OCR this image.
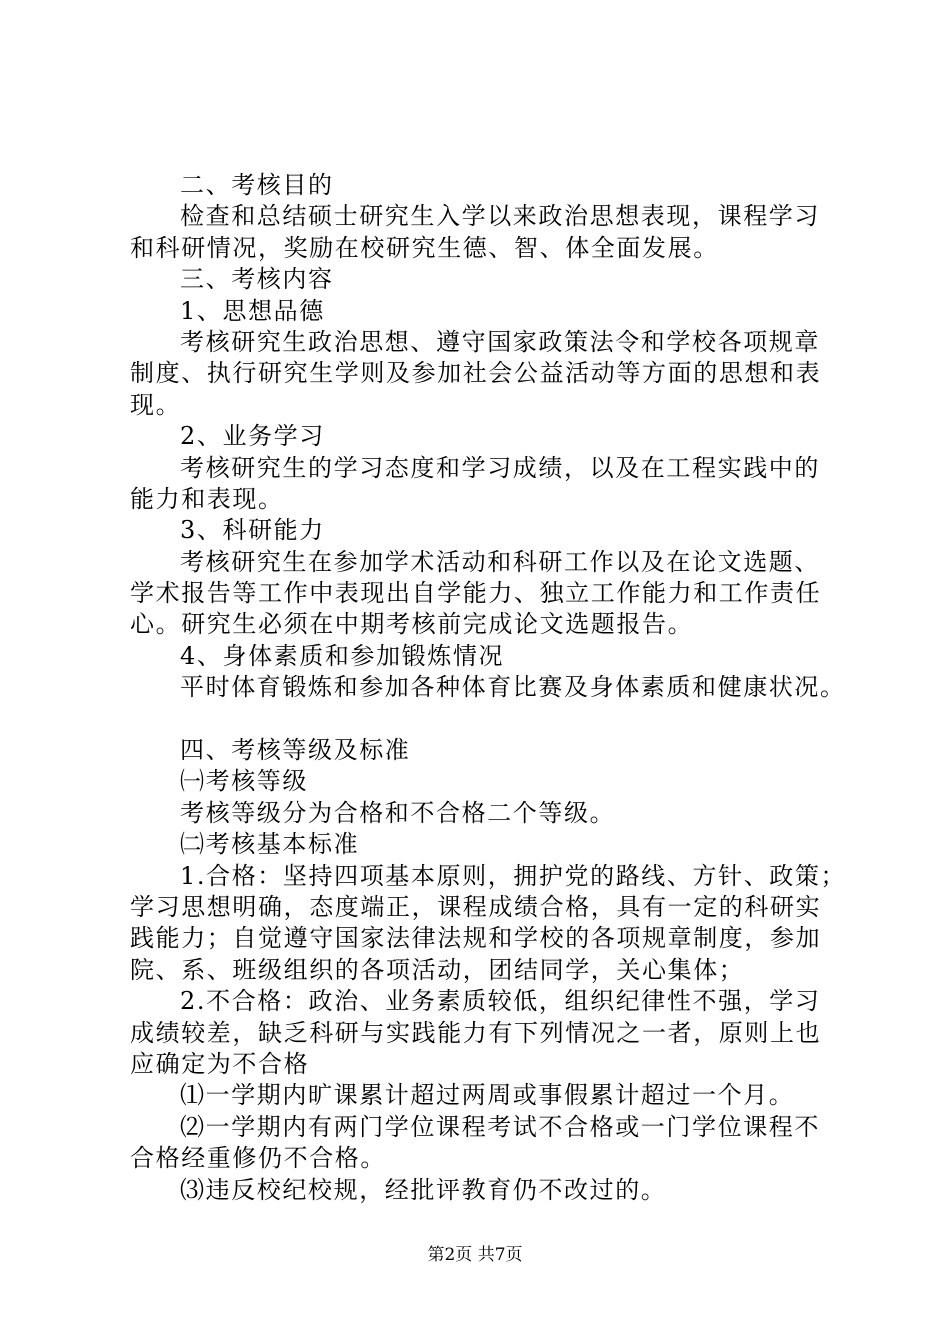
二、考核目的
检查和总结硕士研究生入学以来政治思想表现，课程学习
和科研情况，奖励在校研究生德、智、体全面发展。
三、考核内容
1、思想品德
考核研究生政治思想、遵守国家政策法令和学校各项规章
制度、执行研究生学则及参加社会公益活动等方面的思想和表
现。
2、业务学习
考核研究生的学习态度和学习成绩，以及在工程实践中的
能力和表现。
3、科研能力
考核研究生在参加学术活动和科研工作以及在论文选题、
学术报告等工作中表现出自学能力、独立工作能力和工作责任
心。研究生必须在中期考核前完成论文选题报告。
4、身体素质和参加锻炼情况
平时体育锻炼和参加各种体育比赛及身体素质和健康状况。
四、考核等级及标准
㈠考核等级
考核等级分为合格和不合格二个等级。
㈡考核基本标准
1.合格：坚持四项基本原则，拥护党的路线、方针、政策；
学习思想明确，态度端正，课程成绩合格，具有一定的科研实
践能力；自觉遵守国家法律法规和学校的各项规章制度，参加
院、系、班级组织的各项活动，团结同学，关心集体；
2.不合格：政治、业务素质较低，组织纪律性不强，学习
成绩较差，缺乏科研与实践能力有下列情况之一者，原则上也
应确定为不合格
⑴一学期内旷课累计超过两周或事假累计超过一个月。
⑵一学期内有两门学位课程考试不合格或一门学位课程不
合格经重修仍不合格。
⑶违反校纪校规，经批评教育仍不改过的。
第2页 共7页
